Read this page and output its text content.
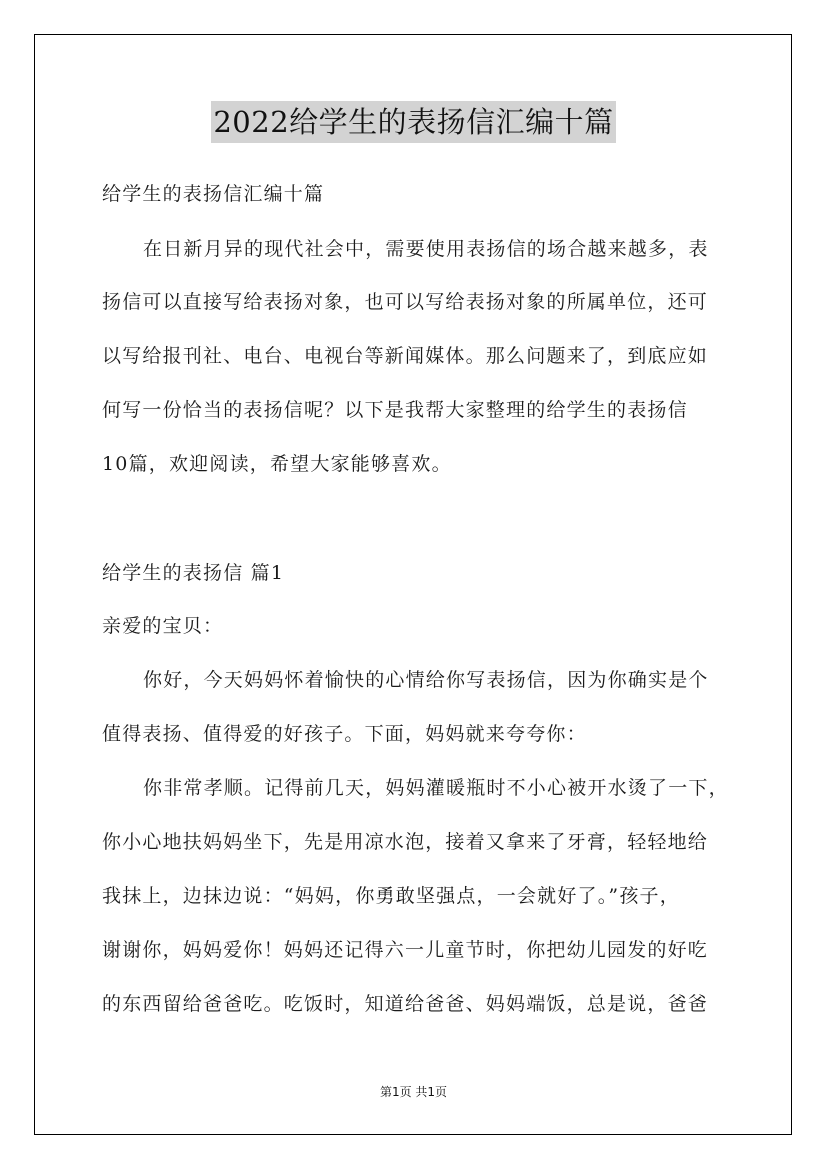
2022给学生的表扬信汇编十篇
给学生的表扬信汇编十篇
在日新月异的现代社会中，需要使用表扬信的场合越来越多，表
扬信可以直接写给表扬对象，也可以写给表扬对象的所属单位，还可
以写给报刊社、电台、电视台等新闻媒体。那么问题来了，到底应如
何写一份恰当的表扬信呢？以下是我帮大家整理的给学生的表扬信
10篇，欢迎阅读，希望大家能够喜欢。
给学生的表扬信 篇1
亲爱的宝贝：
你好，今天妈妈怀着愉快的心情给你写表扬信，因为你确实是个
值得表扬、值得爱的好孩子。下面，妈妈就来夸夸你：
你非常孝顺。记得前几天，妈妈灌暖瓶时不小心被开水烫了一下，
你小心地扶妈妈坐下，先是用凉水泡，接着又拿来了牙膏，轻轻地给
我抹上，边抹边说：“妈妈，你勇敢坚强点，一会就好了。”孩子，
谢谢你，妈妈爱你！妈妈还记得六一儿童节时，你把幼儿园发的好吃
的东西留给爸爸吃。吃饭时，知道给爸爸、妈妈端饭，总是说，爸爸
第1页 共1页
